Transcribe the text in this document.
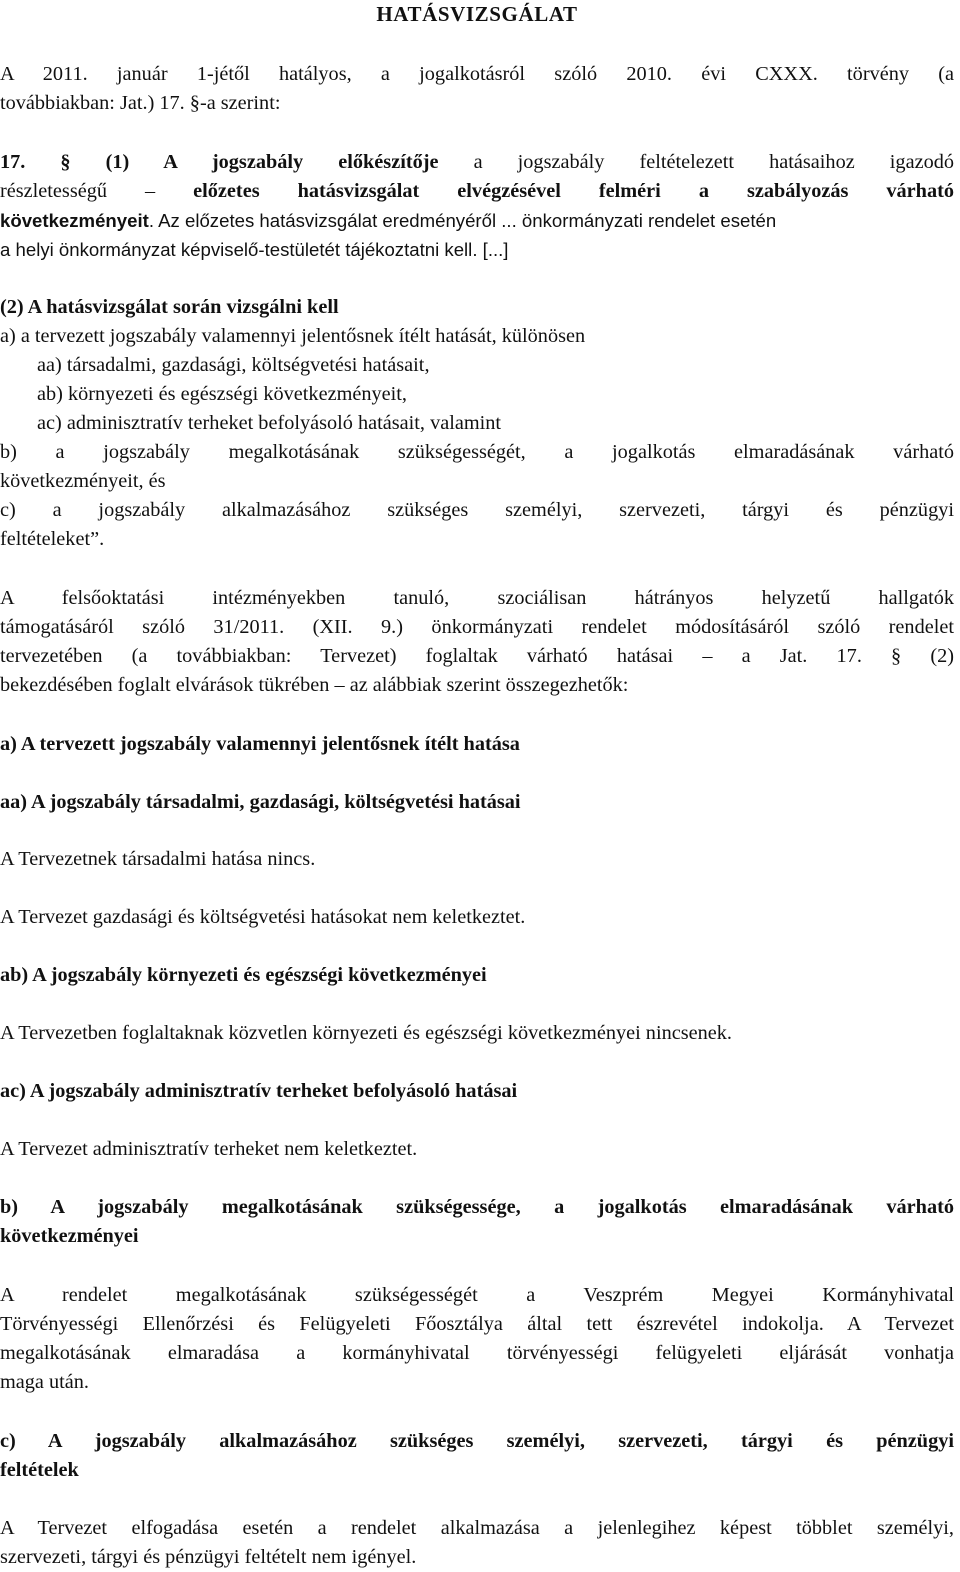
HATÁSVIZSGÁLAT
A 2011. január 1-jétől hatályos, a jogalkotásról szóló 2010. évi CXXX. törvény (a
továbbiakban: Jat.) 17. §-a szerint:
17. § (1) A jogszabály előkészítője a jogszabály feltételezett hatásaihoz igazodó
részletességű – előzetes hatásvizsgálat elvégzésével felméri a szabályozás várható
következményeit. Az előzetes hatásvizsgálat eredményéről ... önkormányzati rendelet esetén
a helyi önkormányzat képviselő-testületét tájékoztatni kell. [...]
(2) A hatásvizsgálat során vizsgálni kell
a) a tervezett jogszabály valamennyi jelentősnek ítélt hatását, különösen
aa) társadalmi, gazdasági, költségvetési hatásait,
ab) környezeti és egészségi következményeit,
ac) adminisztratív terheket befolyásoló hatásait, valamint
b) a jogszabály megalkotásának szükségességét, a jogalkotás elmaradásának várható
következményeit, és
c) a jogszabály alkalmazásához szükséges személyi, szervezeti, tárgyi és pénzügyi
feltételeket”.
A felsőoktatási intézményekben tanuló, szociálisan hátrányos helyzetű hallgatók
támogatásáról szóló 31/2011. (XII. 9.) önkormányzati rendelet módosításáról szóló rendelet
tervezetében (a továbbiakban: Tervezet) foglaltak várható hatásai – a Jat. 17. § (2)
bekezdésében foglalt elvárások tükrében – az alábbiak szerint összegezhetők:
a) A tervezett jogszabály valamennyi jelentősnek ítélt hatása
aa) A jogszabály társadalmi, gazdasági, költségvetési hatásai
A Tervezetnek társadalmi hatása nincs.
A Tervezet gazdasági és költségvetési hatásokat nem keletkeztet.
ab) A jogszabály környezeti és egészségi következményei
A Tervezetben foglaltaknak közvetlen környezeti és egészségi következményei nincsenek.
ac) A jogszabály adminisztratív terheket befolyásoló hatásai
A Tervezet adminisztratív terheket nem keletkeztet.
b) A jogszabály megalkotásának szükségessége, a jogalkotás elmaradásának várható
következményei
A rendelet megalkotásának szükségességét a Veszprém Megyei Kormányhivatal
Törvényességi Ellenőrzési és Felügyeleti Főosztálya által tett észrevétel indokolja. A Tervezet
megalkotásának elmaradása a kormányhivatal törvényességi felügyeleti eljárását vonhatja
maga után.
c) A jogszabály alkalmazásához szükséges személyi, szervezeti, tárgyi és pénzügyi
feltételek
A Tervezet elfogadása esetén a rendelet alkalmazása a jelenlegihez képest többlet személyi,
szervezeti, tárgyi és pénzügyi feltételt nem igényel.
